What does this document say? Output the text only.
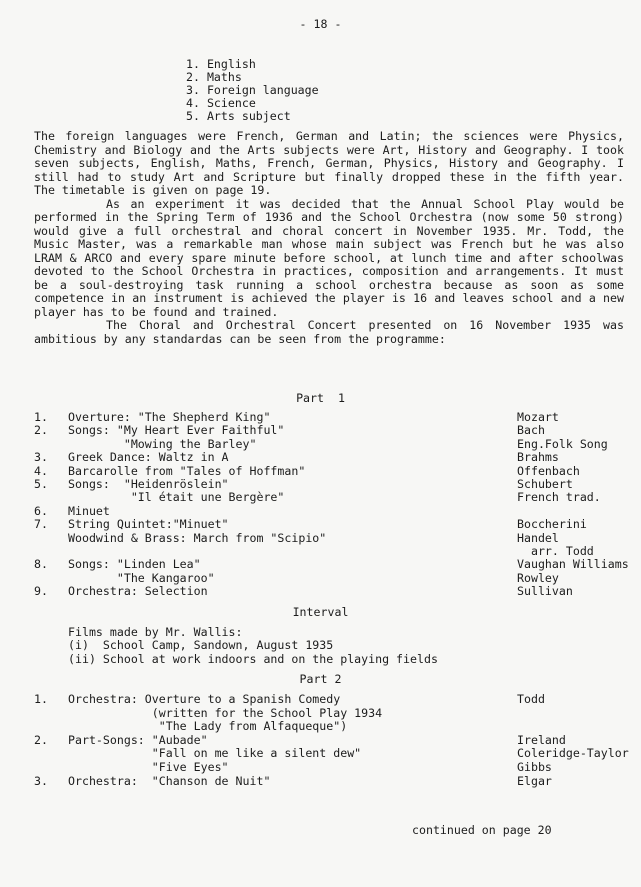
- 18 -
1. English
2. Maths
3. Foreign language
4. Science
5. Arts subject

The foreign languages were French, German and Latin; the sciences were Physics, Chemistry and Biology and the Arts subjects were Art, History and Geography. I took seven subjects, English, Maths, French, German, Physics, History and Geography. I still had to study Art and Scripture but finally dropped these in the fifth year. The timetable is given on page 19.

As an experiment it was decided that the Annual School Play would be performed in the Spring Term of 1936 and the School Orchestra (now some 50 strong) would give a full orchestral and choral concert in November 1935. Mr. Todd, the Music Master, was a remarkable man whose main subject was French but he was also LRAM & ARCO and every spare minute before school, at lunch time and after schoolwas devoted to the School Orchestra in practices, composition and arrangements. It must be a soul-destroying task running a school orchestra because as soon as some competence in an instrument is achieved the player is 16 and leaves school and a new player has to be found and trained.

The Choral and Orchestral Concert presented on 16 November 1935 was ambitious by any standardas can be seen from the programme:

Part  1
1. Overture: "The Shepherd King"	Mozart
2. Songs: "My Heart Ever Faithful"	Bach
"Mowing the Barley"	Eng.Folk Song
3. Greek Dance: Waltz in A	Brahms
4. Barcarolle from "Tales of Hoffman"	Offenbach
5. Songs:  "Heidenröslein"	Schubert
"Il était une Bergère"	French trad.
6. Minuet
7. String Quintet:"Minuet"	Boccherini
Woodwind & Brass: March from "Scipio"	Handel
arr. Todd
8. Songs: "Linden Lea"	Vaughan Williams
"The Kangaroo"	Rowley
9. Orchestra: Selection	Sullivan
Interval
Films made by Mr. Wallis:
(i)  School Camp, Sandown, August 1935
(ii) School at work indoors and on the playing fields
Part 2
1. Orchestra: Overture to a Spanish Comedy	Todd
(written for the School Play 1934
"The Lady from Alfaqueque")
2. Part-Songs: "Aubade"	Ireland
"Fall on me like a silent dew"	Coleridge-Taylor
"Five Eyes"	Gibbs
3. Orchestra:  "Chanson de Nuit"	Elgar
continued on page 20
